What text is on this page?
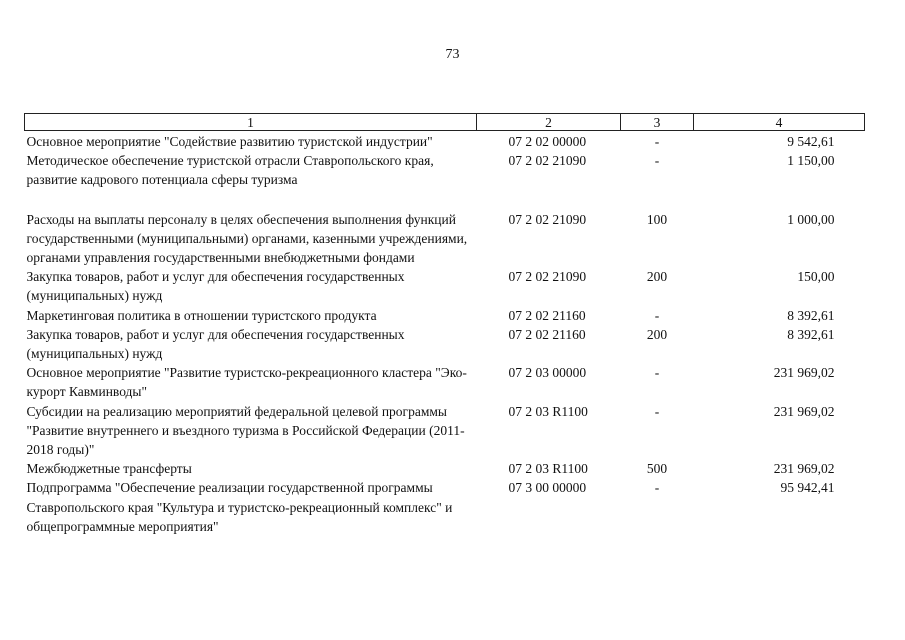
73
1	2	3	4
Основное мероприятие "Содействие развитию туристской индустрии"	07 2 02 00000	-	9 542,61
Методическое обеспечение туристской отрасли Ставропольского края, развитие кадрового потенциала сферы туризма	07 2 02 21090	-	1 150,00
Расходы на выплаты персоналу в целях обеспечения выполнения функций государственными (муниципальными) органами, казенными учреждениями, органами управления государственными внебюджетными фондами	07 2 02 21090	100	1 000,00
Закупка товаров, работ и услуг для обеспечения государственных (муниципальных) нужд	07 2 02 21090	200	150,00
Маркетинговая политика в отношении туристского продукта	07 2 02 21160	-	8 392,61
Закупка товаров, работ и услуг для обеспечения государственных (муниципальных) нужд	07 2 02 21160	200	8 392,61
Основное мероприятие "Развитие туристско-рекреационного кластера "Эко-курорт Кавминводы"	07 2 03 00000	-	231 969,02
Субсидии на реализацию мероприятий федеральной целевой программы "Развитие внутреннего и въездного туризма в Российской Федерации (2011-2018 годы)"	07 2 03 R1100	-	231 969,02
Межбюджетные трансферты	07 2 03 R1100	500	231 969,02
Подпрограмма "Обеспечение реализации государственной программы Ставропольского края "Культура и туристско-рекреационный комплекс" и общепрограммные мероприятия"	07 3 00 00000	-	95 942,41
